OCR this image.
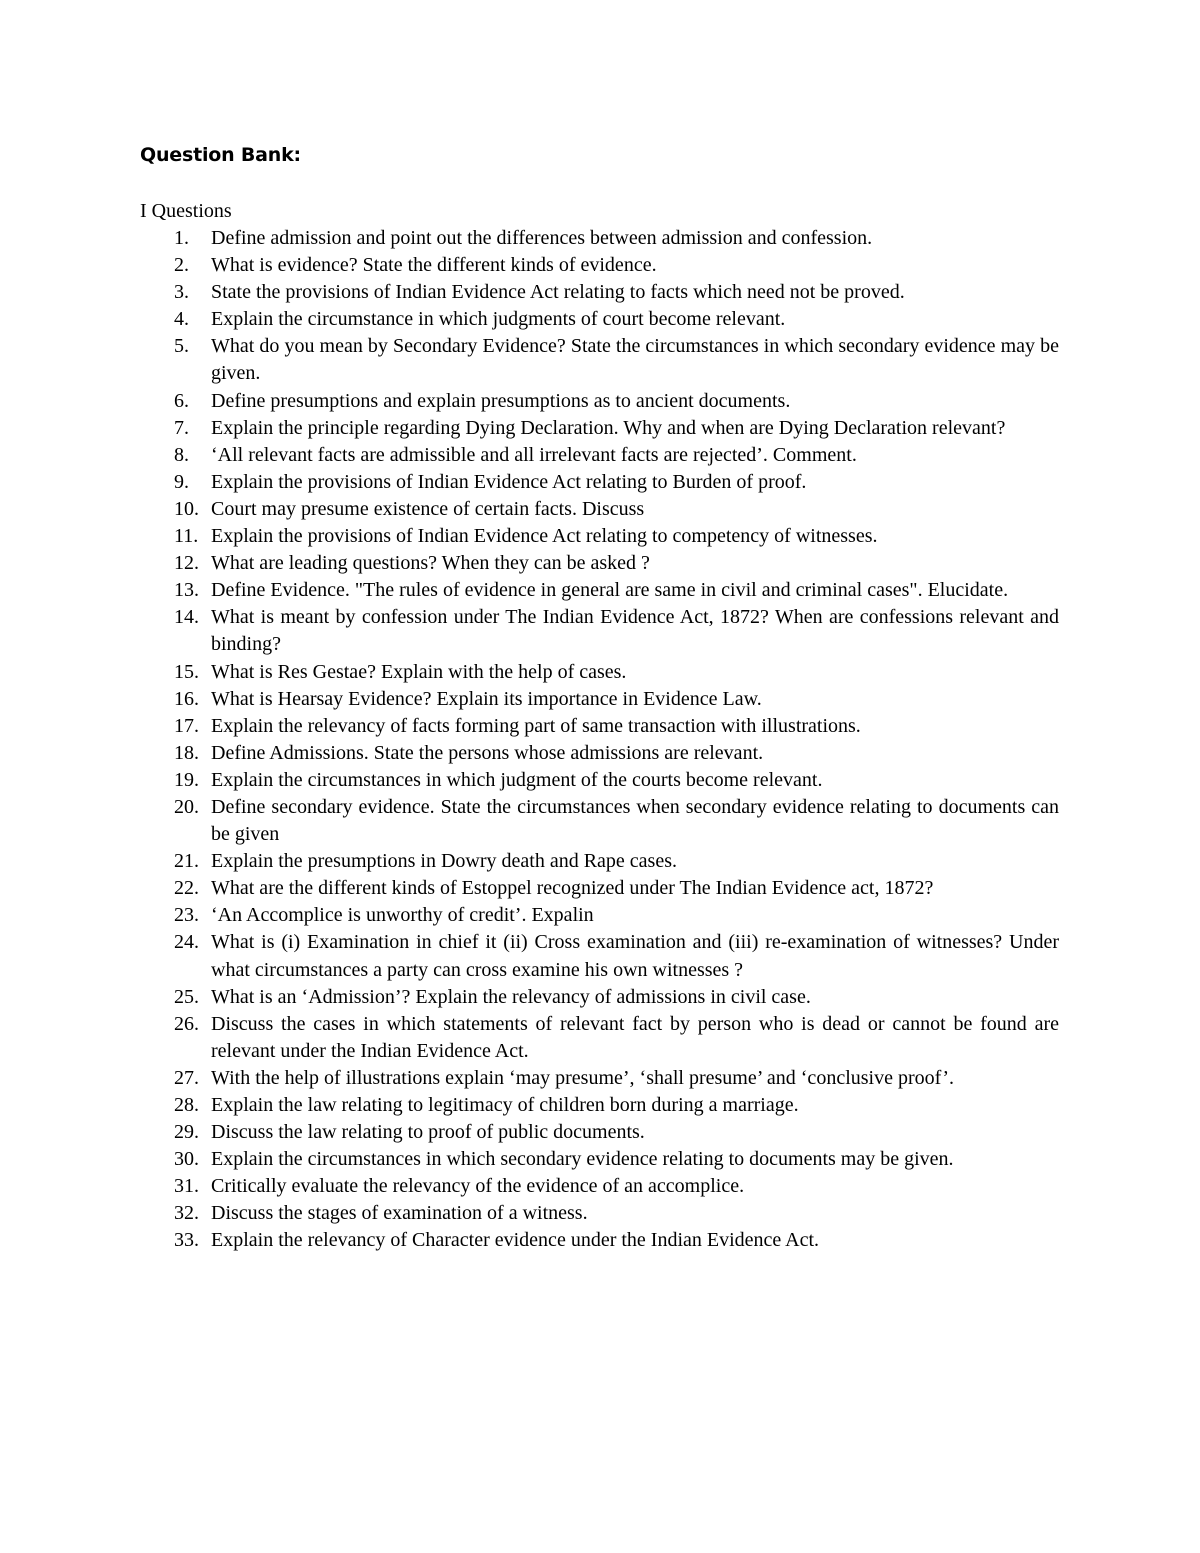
Question Bank:
I Questions
1.	Define admission and point out the differences between admission and confession.
2.	What is evidence? State the different kinds of evidence.
3.	State the provisions of Indian Evidence Act relating to facts which need not be proved.
4.	Explain the circumstance in which judgments of court become relevant.
5.	What do you mean by Secondary Evidence? State the circumstances in which secondary evidence may be given.
6.	Define presumptions and explain presumptions as to ancient documents.
7.	Explain the principle regarding Dying Declaration. Why and when are Dying Declaration relevant?
8.	‘All relevant facts are admissible and all irrelevant facts are rejected’. Comment.
9.	Explain the provisions of Indian Evidence Act relating to Burden of proof.
10. Court may presume existence of certain facts. Discuss
11. Explain the provisions of Indian Evidence Act relating to competency of witnesses.
12. What are leading questions? When they can be asked ?
13. Define Evidence. "The rules of evidence in general are same in civil and criminal cases". Elucidate.
14. What is meant by confession under The Indian Evidence Act, 1872? When are confessions relevant and binding?
15. What is Res Gestae? Explain with the help of cases.
16. What is Hearsay Evidence? Explain its importance in Evidence Law.
17. Explain the relevancy of facts forming part of same transaction with illustrations.
18. Define Admissions. State the persons whose admissions are relevant.
19. Explain the circumstances in which judgment of the courts become relevant.
20. Define secondary evidence. State the circumstances when secondary evidence relating to documents can be given
21. Explain the presumptions in Dowry death and Rape cases.
22. What are the different kinds of Estoppel recognized under The Indian Evidence act, 1872?
23. ‘An Accomplice is unworthy of credit’. Expalin
24. What is (i) Examination in chief it (ii) Cross examination and (iii) re-examination of witnesses? Under what circumstances a party can cross examine his own witnesses ?
25. What is an ‘Admission’? Explain the relevancy of admissions in civil case.
26. Discuss the cases in which statements of relevant fact by person who is dead or cannot be found are relevant under the Indian Evidence Act.
27. With the help of illustrations explain ‘may presume’, ‘shall presume’ and ‘conclusive proof’.
28. Explain the law relating to legitimacy of children born during a marriage.
29. Discuss the law relating to proof of public documents.
30. Explain the circumstances in which secondary evidence relating to documents may be given.
31. Critically evaluate the relevancy of the evidence of an accomplice.
32. Discuss the stages of examination of a witness.
33. Explain the relevancy of Character evidence under the Indian Evidence Act.
